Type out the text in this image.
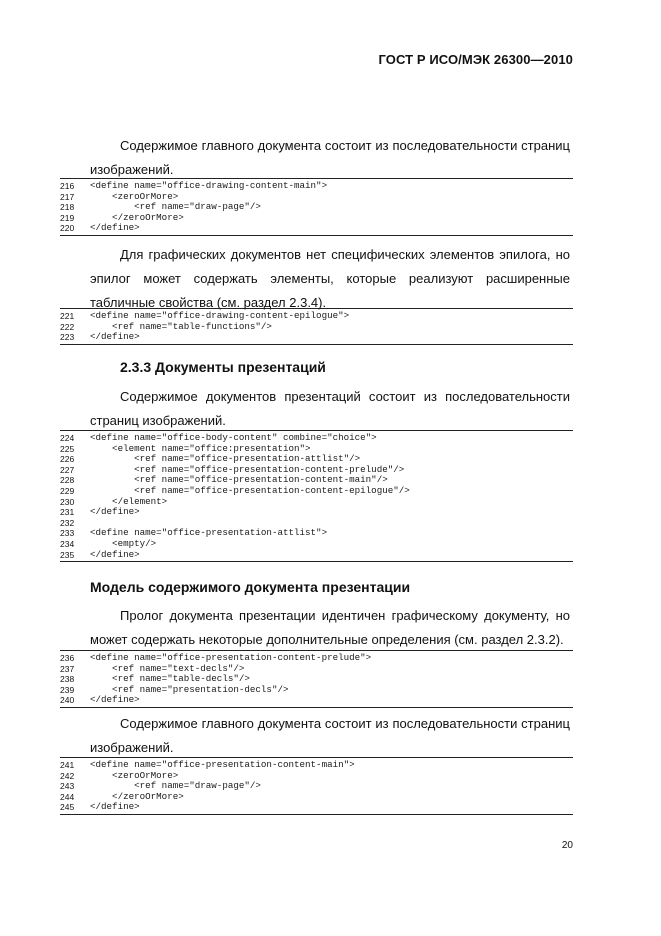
ГОСТ Р ИСО/МЭК 26300—2010
Содержимое главного документа состоит из последовательности страниц изображений.
216	<define name="office-drawing-content-main">
217	<zeroOrMore>
218	<ref name="draw-page"/>
219	</zeroOrMore>
220	</define>
Для графических документов нет специфических элементов эпилога, но эпилог может содержать элементы, которые реализуют расширенные табличные свойства (см. раздел 2.3.4).
221	<define name="office-drawing-content-epilogue">
222	<ref name="table-functions"/>
223	</define>
2.3.3 Документы презентаций
Содержимое документов презентаций состоит из последовательности страниц изображений.
224	<define name="office-body-content" combine="choice">
225	<element name="office:presentation">
226	<ref name="office-presentation-attlist"/>
227	<ref name="office-presentation-content-prelude"/>
228	<ref name="office-presentation-content-main"/>
229	<ref name="office-presentation-content-epilogue"/>
230	</element>
231	</define>
232
233	<define name="office-presentation-attlist">
234	<empty/>
235	</define>
Модель содержимого документа презентации
Пролог документа презентации идентичен графическому документу, но может содержать некоторые дополнительные определения (см. раздел 2.3.2).
236	<define name="office-presentation-content-prelude">
237	<ref name="text-decls"/>
238	<ref name="table-decls"/>
239	<ref name="presentation-decls"/>
240	</define>
Содержимое главного документа состоит из последовательности страниц изображений.
241	<define name="office-presentation-content-main">
242	<zeroOrMore>
243	<ref name="draw-page"/>
244	</zeroOrMore>
245	</define>
20
